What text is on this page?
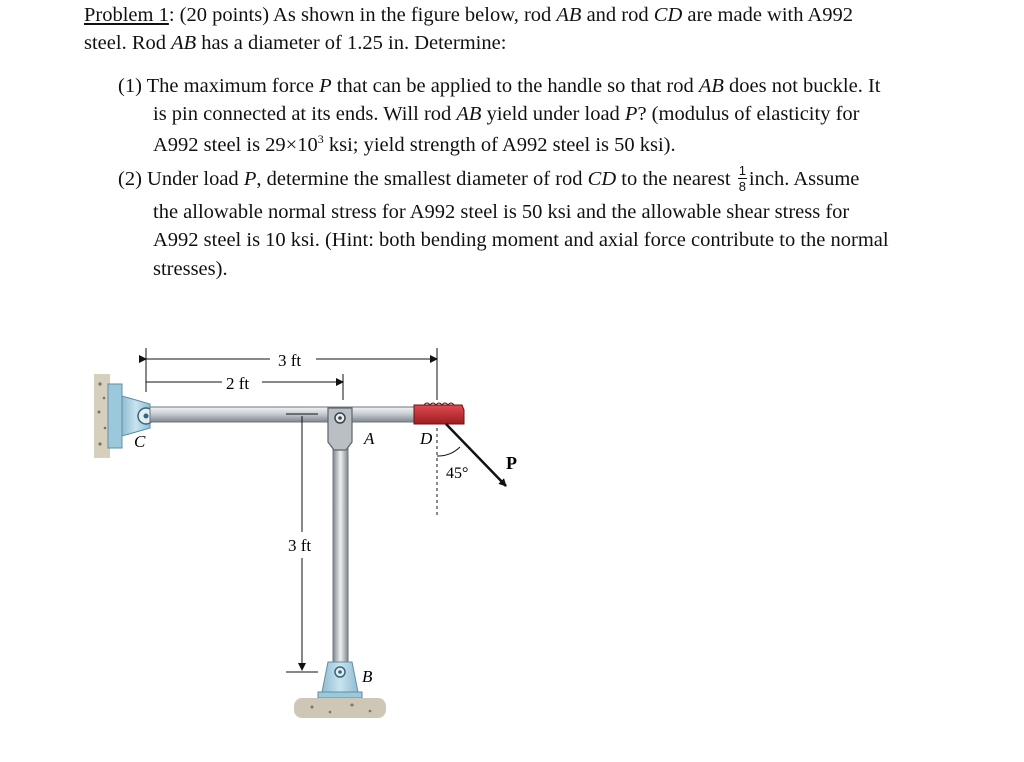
Problem 1: (20 points) As shown in the figure below, rod AB and rod CD are made with A992
steel. Rod AB has a diameter of 1.25 in. Determine:
(1) The maximum force P that can be applied to the handle so that rod AB does not buckle. It
is pin connected at its ends. Will rod AB yield under load P? (modulus of elasticity for
A992 steel is $29\times 10^3$ ksi; yield strength of A992 steel is 50 ksi).
(2) Under load P, determine the smallest diameter of rod CD to the nearest $\frac{1}{8}$ inch. Assume
the allowable normal stress for A992 steel is 50 ksi and the allowable shear stress for
A992 steel is 10 ksi. (Hint: both bending moment and axial force contribute to the normal
stresses).
3 ft
2 ft
3 ft
C	A	D
B
P
45°
